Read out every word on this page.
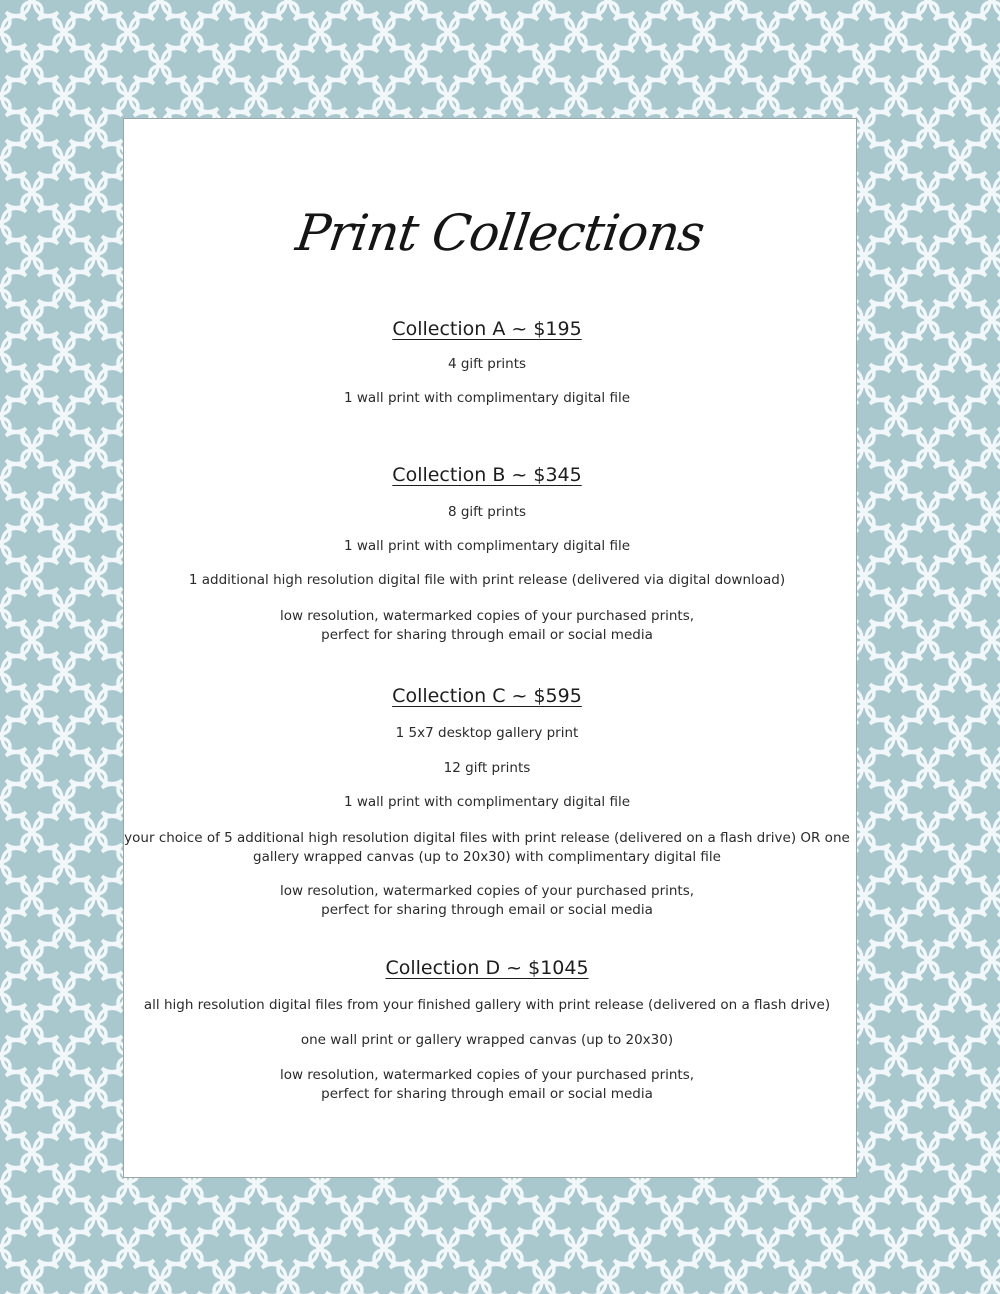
Print Collections
Collection A ~ $195
4 gift prints
1 wall print with complimentary digital file
Collection B ~ $345
8 gift prints
1 wall print with complimentary digital file
1 additional high resolution digital file with print release (delivered via digital download)
low resolution, watermarked copies of your purchased prints,
perfect for sharing through email or social media
Collection C ~ $595
1 5x7 desktop gallery print
12 gift prints
1 wall print with complimentary digital file
your choice of 5 additional high resolution digital files with print release (delivered on a flash drive) OR one
gallery wrapped canvas (up to 20x30) with complimentary digital file
low resolution, watermarked copies of your purchased prints,
perfect for sharing through email or social media
Collection D ~ $1045
all high resolution digital files from your finished gallery with print release (delivered on a flash drive)
one wall print or gallery wrapped canvas (up to 20x30)
low resolution, watermarked copies of your purchased prints,
perfect for sharing through email or social media
